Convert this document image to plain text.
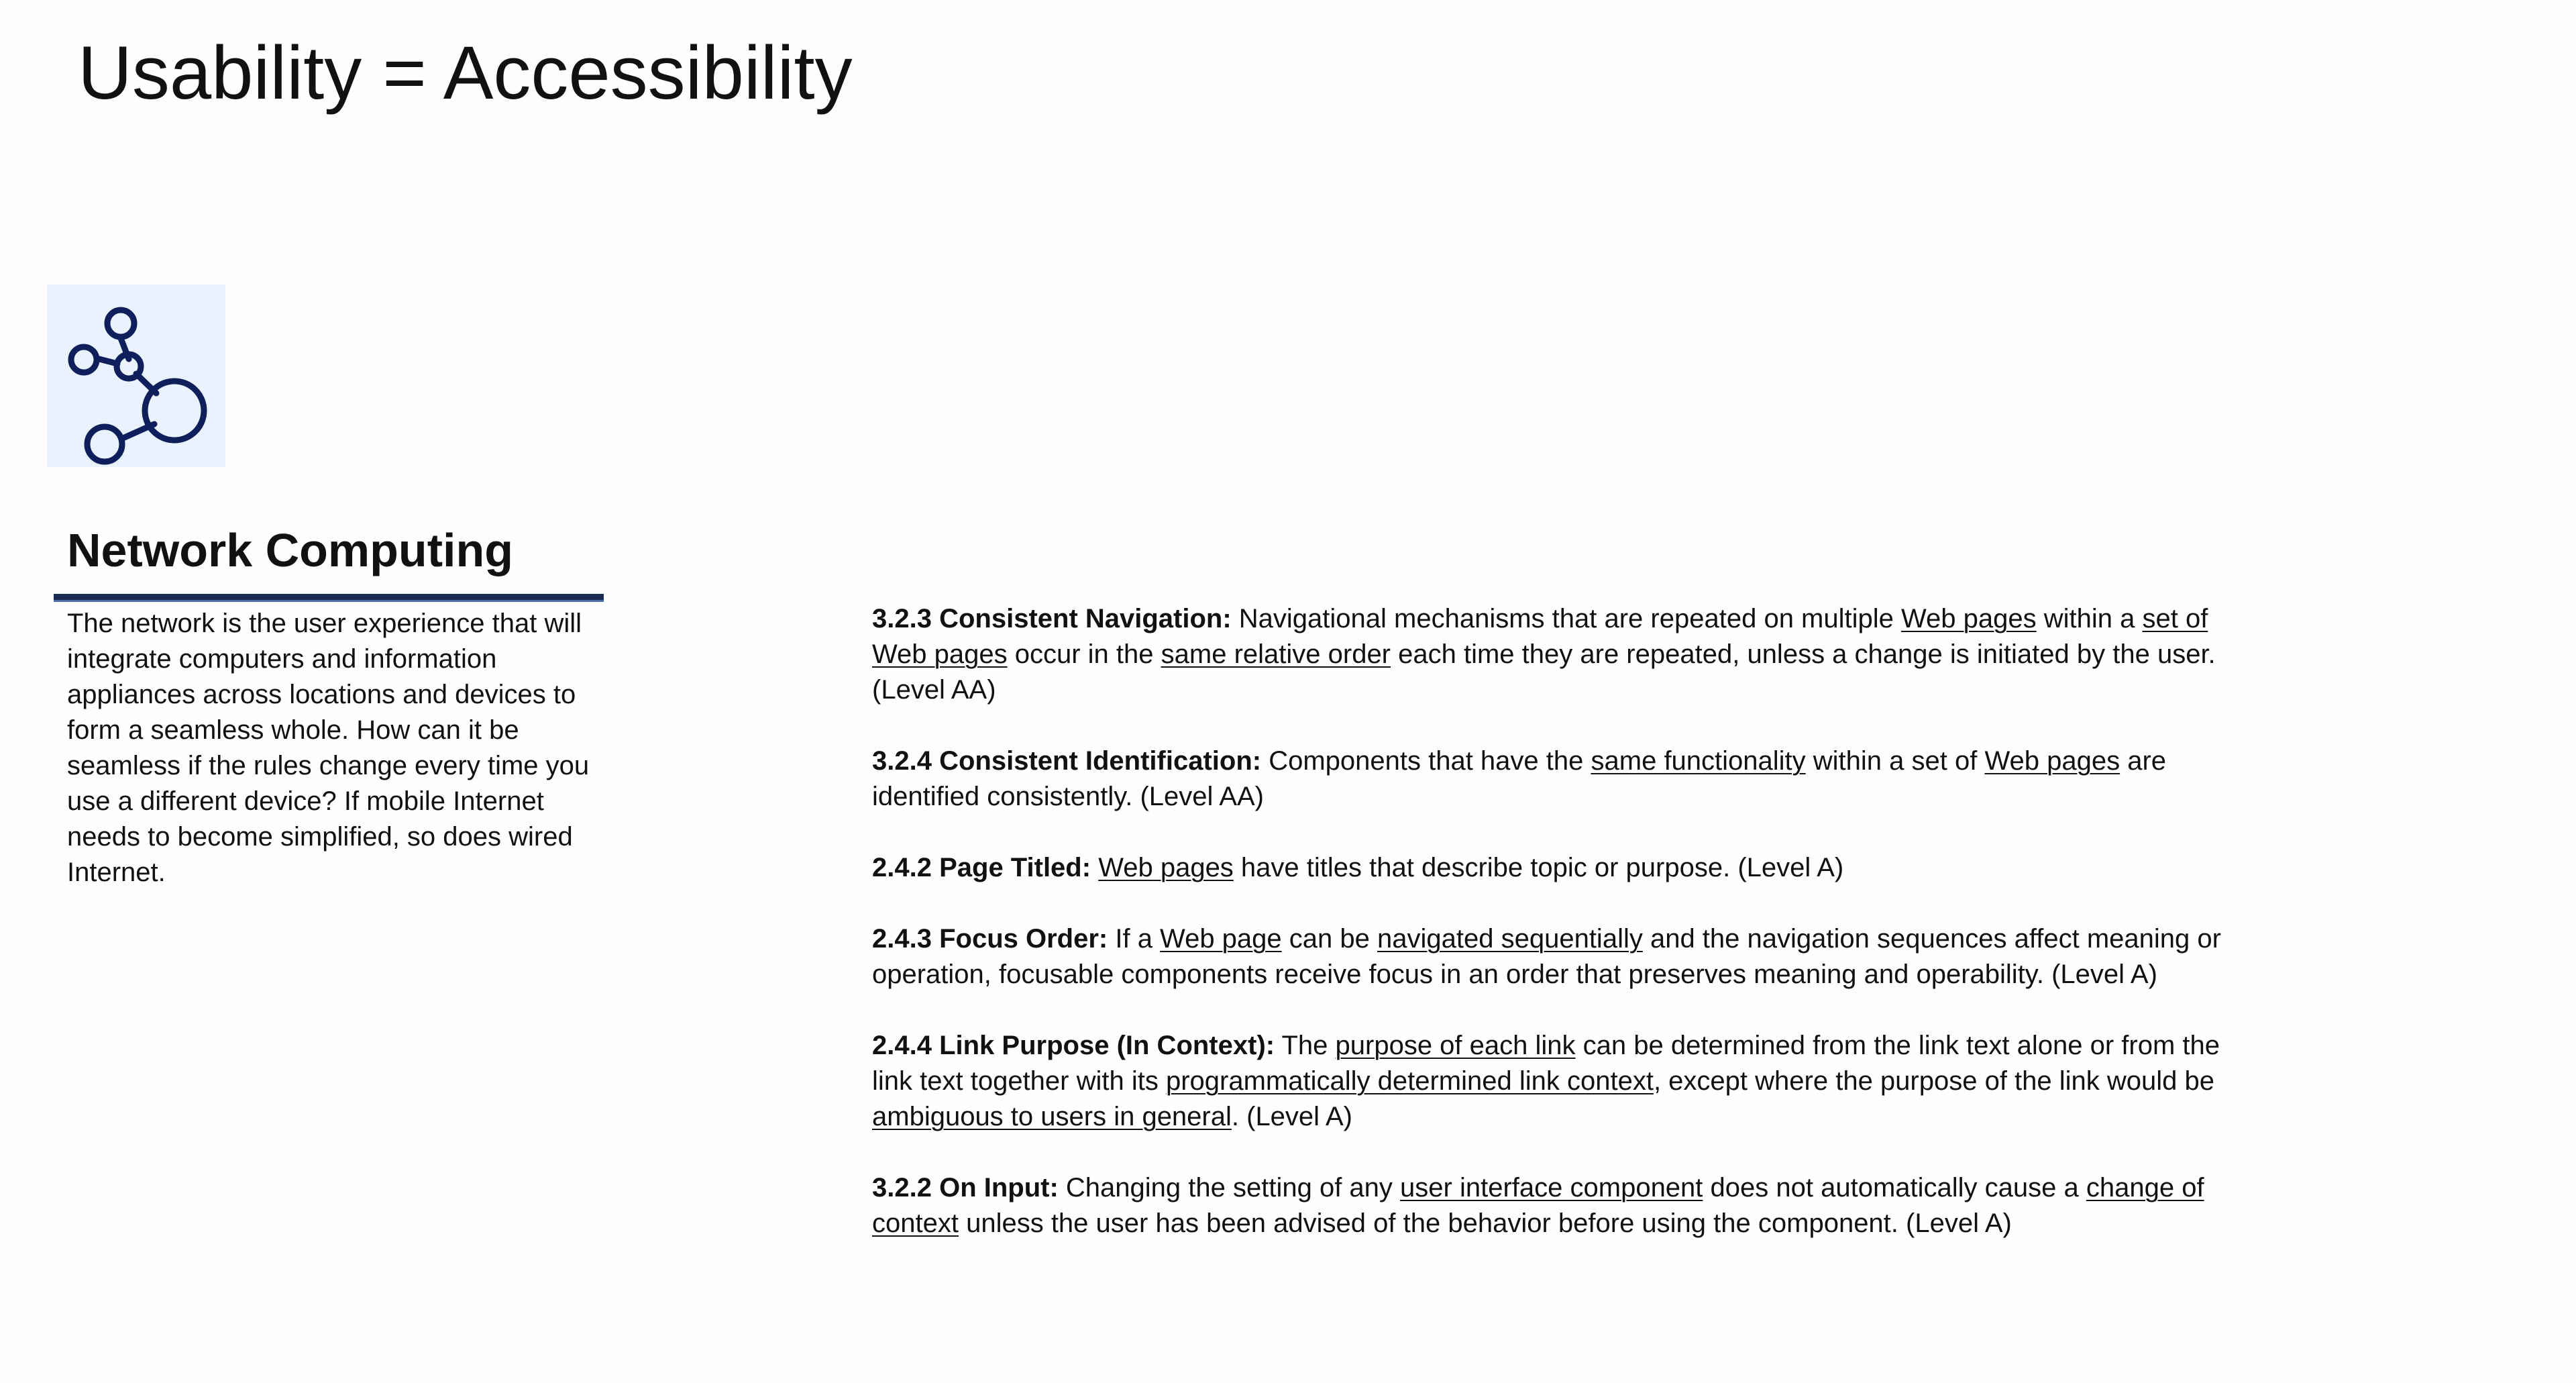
Usability = Accessibility
Network Computing
The network is the user experience that will integrate computers and information appliances across locations and devices to form a seamless whole. How can it be seamless if the rules change every time you use a different device? If mobile Internet needs to become simplified, so does wired Internet.

3.2.3 Consistent Navigation: Navigational mechanisms that are repeated on multiple Web pages within a set of Web pages occur in the same relative order each time they are repeated, unless a change is initiated by the user. (Level AA)

3.2.4 Consistent Identification: Components that have the same functionality within a set of Web pages are identified consistently. (Level AA)

2.4.2 Page Titled: Web pages have titles that describe topic or purpose. (Level A)

2.4.3 Focus Order: If a Web page can be navigated sequentially and the navigation sequences affect meaning or operation, focusable components receive focus in an order that preserves meaning and operability. (Level A)

2.4.4 Link Purpose (In Context): The purpose of each link can be determined from the link text alone or from the link text together with its programmatically determined link context, except where the purpose of the link would be ambiguous to users in general. (Level A)

3.2.2 On Input: Changing the setting of any user interface component does not automatically cause a change of context unless the user has been advised of the behavior before using the component. (Level A)
